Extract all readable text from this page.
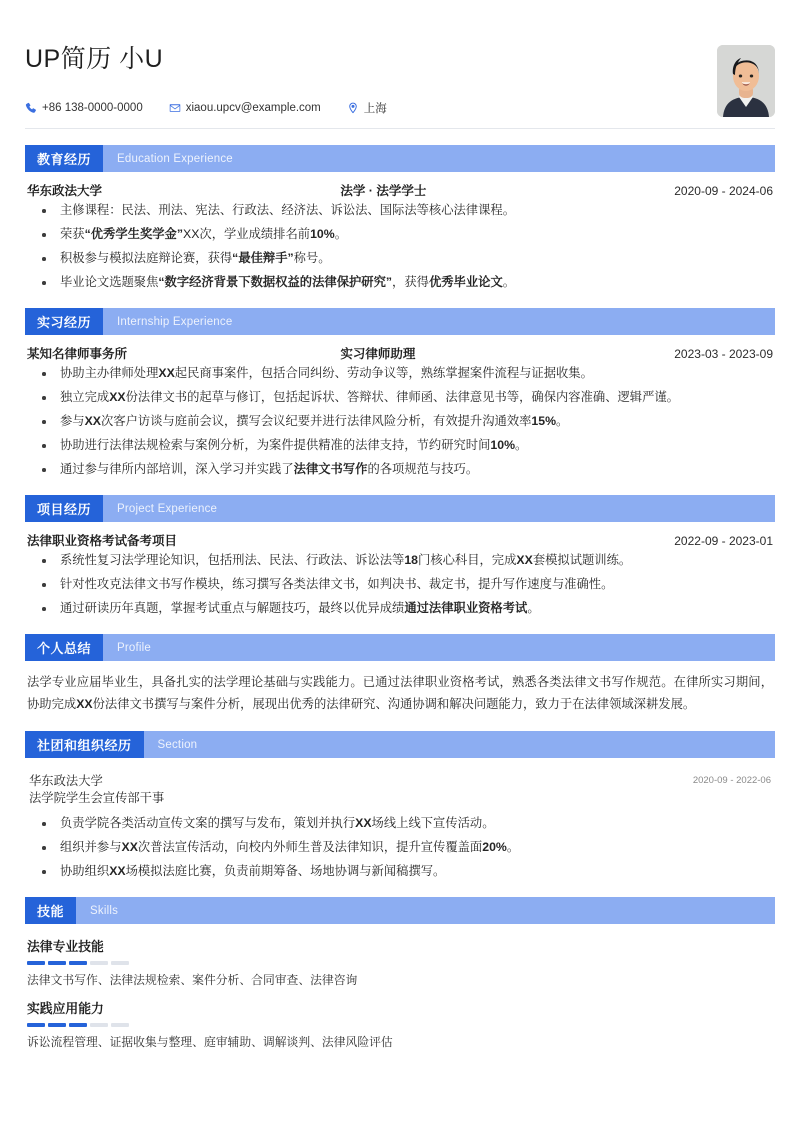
UP简历 小U
+86 138-0000-0000	xiaou.upcv@example.com	上海
教育经历	Education Experience
华东政法大学	法学 · 法学学士	2020-09 - 2024-06
主修课程：民法、刑法、宪法、行政法、经济法、诉讼法、国际法等核心法律课程。
荣获“优秀学生奖学金”XX次，学业成绩排名前10%。
积极参与模拟法庭辩论赛，获得“最佳辩手”称号。
毕业论文选题聚焦“数字经济背景下数据权益的法律保护研究”，获得优秀毕业论文。
实习经历	Internship Experience
某知名律师事务所	实习律师助理	2023-03 - 2023-09
协助主办律师处理XX起民商事案件，包括合同纠纷、劳动争议等，熟练掌握案件流程与证据收集。
独立完成XX份法律文书的起草与修订，包括起诉状、答辩状、律师函、法律意见书等，确保内容准确、逻辑严谨。
参与XX次客户访谈与庭前会议，撰写会议纪要并进行法律风险分析，有效提升沟通效率15%。
协助进行法律法规检索与案例分析，为案件提供精准的法律支持，节约研究时间10%。
通过参与律所内部培训，深入学习并实践了法律文书写作的各项规范与技巧。
项目经历	Project Experience
法律职业资格考试备考项目	2022-09 - 2023-01
系统性复习法学理论知识，包括刑法、民法、行政法、诉讼法等18门核心科目，完成XX套模拟试题训练。
针对性攻克法律文书写作模块，练习撰写各类法律文书，如判决书、裁定书，提升写作速度与准确性。
通过研读历年真题，掌握考试重点与解题技巧，最终以优异成绩通过法律职业资格考试。
个人总结	Profile
法学专业应届毕业生，具备扎实的法学理论基础与实践能力。已通过法律职业资格考试，熟悉各类法律文书写作规范。在律所实习期间，协助完成XX份法律文书撰写与案件分析，展现出优秀的法律研究、沟通协调和解决问题能力，致力于在法律领域深耕发展。
社团和组织经历	Section
华东政法大学
法学院学生会宣传部干事
2020-09 - 2022-06
负责学院各类活动宣传文案的撰写与发布，策划并执行XX场线上线下宣传活动。
组织并参与XX次普法宣传活动，向校内外师生普及法律知识，提升宣传覆盖面20%。
协助组织XX场模拟法庭比赛，负责前期筹备、场地协调与新闻稿撰写。
技能	Skills
法律专业技能
法律文书写作、法律法规检索、案件分析、合同审查、法律咨询
实践应用能力
诉讼流程管理、证据收集与整理、庭审辅助、调解谈判、法律风险评估
